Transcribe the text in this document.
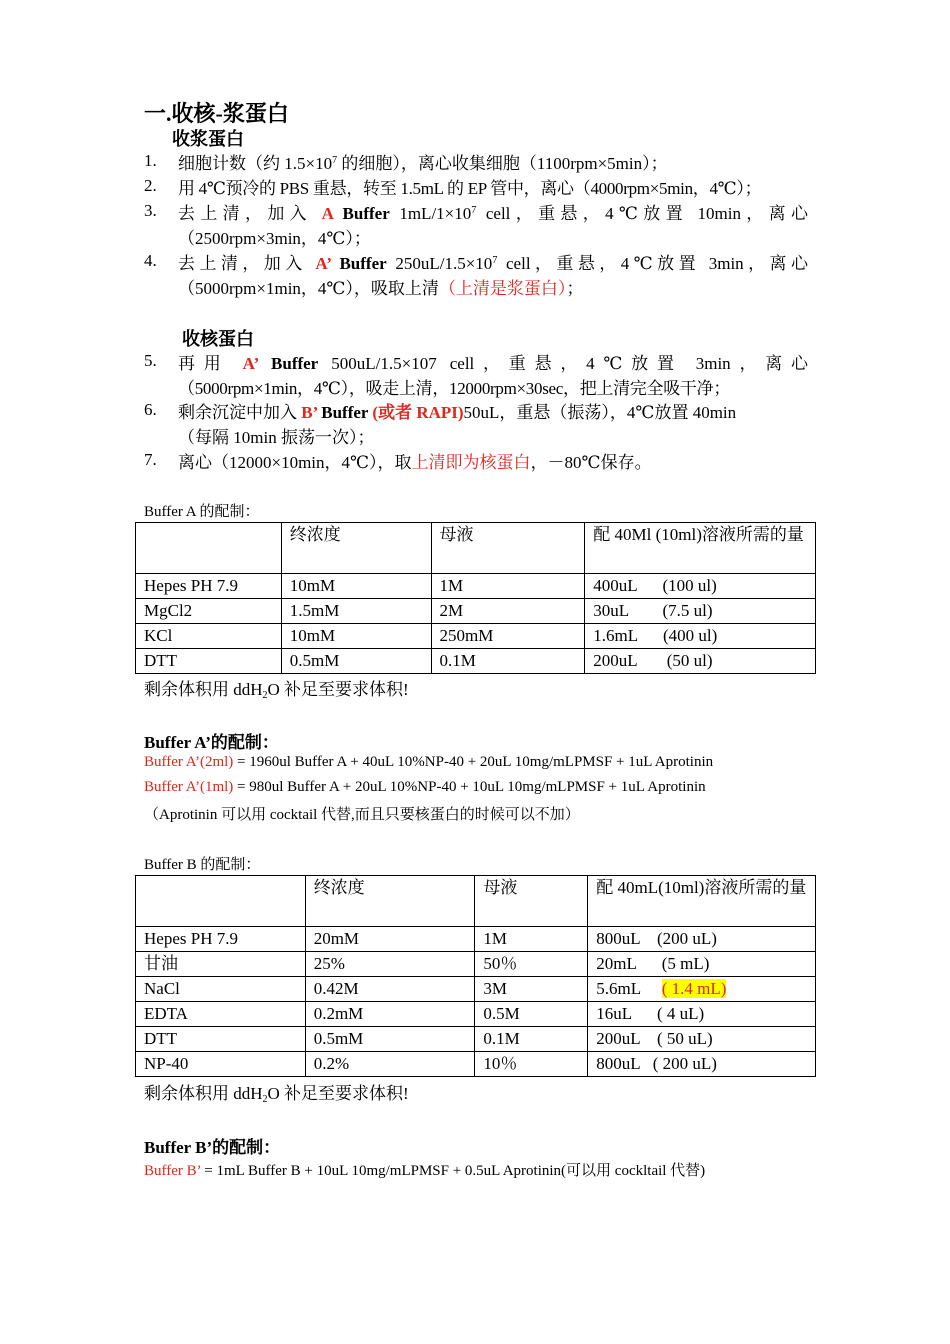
一.收核-浆蛋白
收浆蛋白
1. 细胞计数（约 $1.5\times 10^7$ 的细胞），离心收集细胞（1100rpm×5min）；
2. 用 4℃预冷的 PBS 重悬，转至 1.5mL 的 EP 管中，离心（4000rpm×5min，4℃）；
3. 去上清，加入 A Buffer $1mL/1\times 10^7$ cell，重悬，4℃放置 10min，离心
（2500rpm×3min，4℃）；
4. 去上清，加入 A’ Buffer $250uL/1.5\times 10^7$ cell，重悬，4℃放置 3min，离心
（5000rpm×1min，4℃），吸取上清（上清是浆蛋白）；
收核蛋白
5. 再用 A’ Buffer 500uL/1.5×107 cell，重悬，4℃放置 3min，离心
（5000rpm×1min，4℃），吸走上清，12000rpm×30sec，把上清完全吸干净；
6. 剩余沉淀中加入 B’ Buffer (或者 RAPI)50uL，重悬（振荡），4℃放置 40min
（每隔 10min 振荡一次）；
7. 离心（12000×10min，4℃），取上清即为核蛋白，－80℃保存。
Buffer A 的配制：
	终浓度	母液	配 40Ml (10ml)溶液所需的量
Hepes PH 7.9	10mM	1M	400uL      (100 ul)
MgCl2	1.5mM	2M	30uL        (7.5 ul)
KCl	10mM	250mM	1.6mL      (400 ul)
DTT	0.5mM	0.1M	200uL       (50 ul)
剩余体积用 ddH$_2$O 补足至要求体积!
Buffer A’的配制：
Buffer A’(2ml) = 1960ul Buffer A + 40uL 10%NP-40 + 20uL 10mg/mLPMSF + 1uL Aprotinin
Buffer A’(1ml) = 980ul Buffer A + 20uL 10%NP-40 + 10uL 10mg/mLPMSF + 1uL Aprotinin
（Aprotinin 可以用 cocktail 代替,而且只要核蛋白的时候可以不加）
Buffer B 的配制：
	终浓度	母液	配 40mL(10ml)溶液所需的量
Hepes PH 7.9	20mM	1M	800uL    (200 uL)
甘油	25%	50％	20mL      (5 mL)
NaCl	0.42M	3M	5.6mL     ( 1.4 mL)
EDTA	0.2mM	0.5M	16uL      ( 4 uL)
DTT	0.5mM	0.1M	200uL    ( 50 uL)
NP-40	0.2%	10％	800uL   ( 200 uL)
剩余体积用 ddH$_2$O 补足至要求体积!
Buffer B’的配制：
Buffer B’ = 1mL Buffer B + 10uL 10mg/mLPMSF + 0.5uL Aprotinin(可以用 cockltail 代替)
